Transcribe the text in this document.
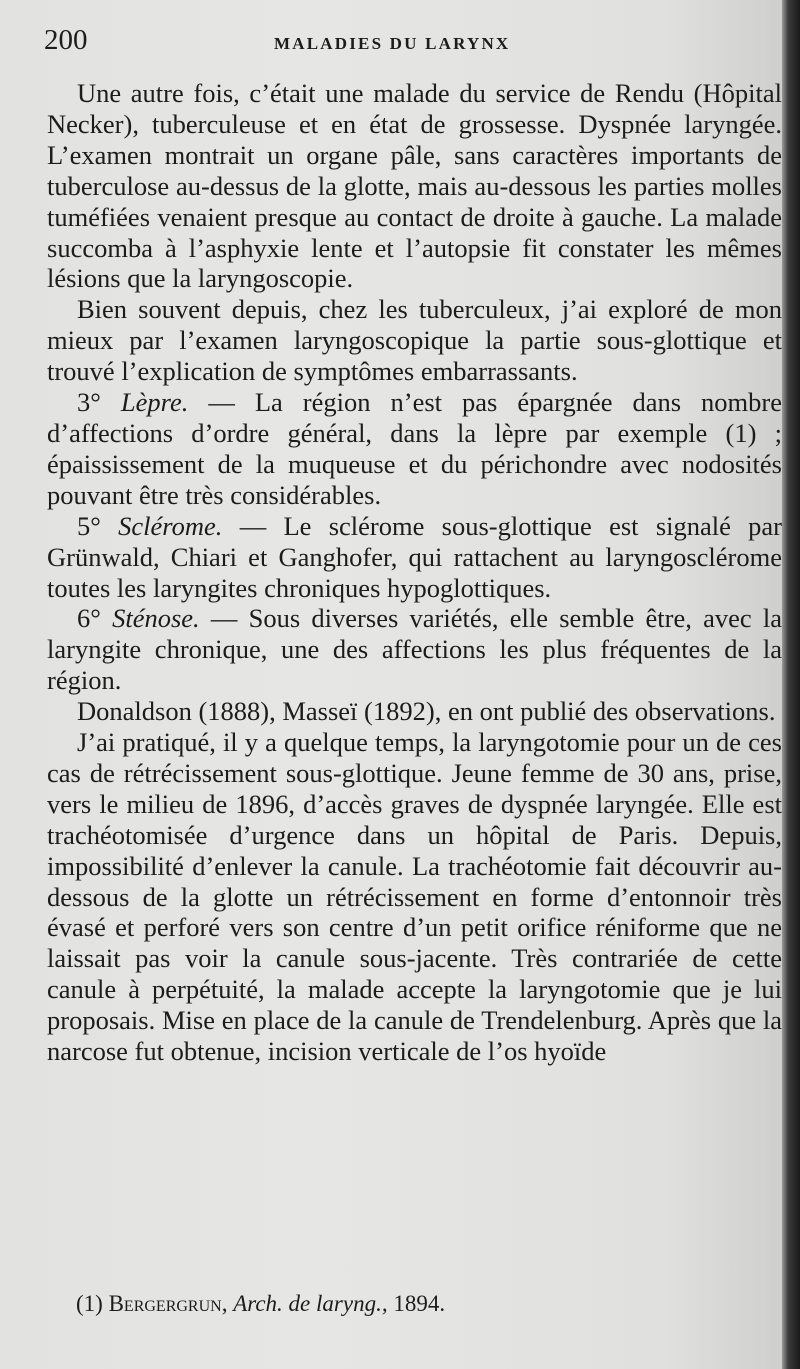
200	MALADIES DU LARYNX

Une autre fois, c’était une malade du service de Rendu (Hôpital Necker), tuberculeuse et en état de grossesse. Dyspnée laryngée. L’examen montrait un organe pâle, sans caractères importants de tuberculose au-dessus de la glotte, mais au-dessous les parties molles tuméfiées venaient presque au contact de droite à gauche. La malade succomba à l’asphyxie lente et l’autopsie fit constater les mêmes lésions que la laryngoscopie.

Bien souvent depuis, chez les tuberculeux, j’ai exploré de mon mieux par l’examen laryngoscopique la partie sous-glottique et trouvé l’explication de symptômes embarrassants.

3° Lèpre. — La région n’est pas épargnée dans nombre d’affections d’ordre général, dans la lèpre par exemple (1) ; épaississement de la muqueuse et du périchondre avec nodosités pouvant être très considérables.

5° Sclérome. — Le sclérome sous-glottique est signalé par Grünwald, Chiari et Ganghofer, qui rattachent au laryngosclérome toutes les laryngites chroniques hypoglottiques.

6° Sténose. — Sous diverses variétés, elle semble être, avec la laryngite chronique, une des affections les plus fréquentes de la région.

Donaldson (1888), Masseï (1892), en ont publié des observations.

J’ai pratiqué, il y a quelque temps, la laryngotomie pour un de ces cas de rétrécissement sous-glottique. Jeune femme de 30 ans, prise, vers le milieu de 1896, d’accès graves de dyspnée laryngée. Elle est trachéotomisée d’urgence dans un hôpital de Paris. Depuis, impossibilité d’enlever la canule. La trachéotomie fait découvrir au-dessous de la glotte un rétrécissement en forme d’entonnoir très évasé et perforé vers son centre d’un petit orifice réniforme que ne laissait pas voir la canule sous-jacente. Très contrariée de cette canule à perpétuité, la malade accepte la laryngotomie que je lui proposais. Mise en place de la canule de Trendelenburg. Après que la narcose fut obtenue, incision verticale de l’os hyoïde

(1) Bergergrun, Arch. de laryng., 1894.
